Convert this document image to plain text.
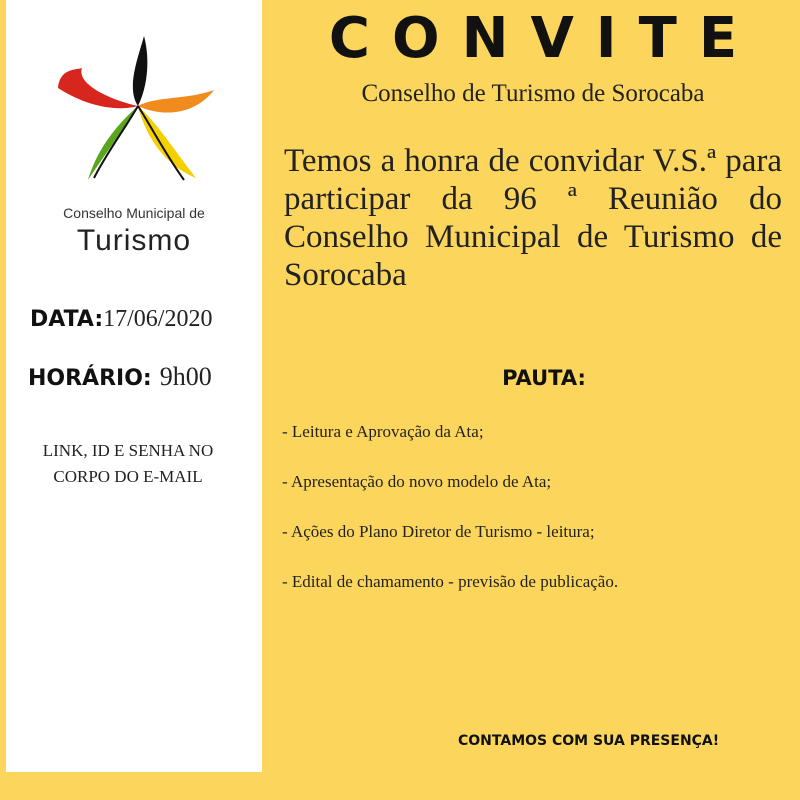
Conselho Municipal de
Turismo
DATA:17/06/2020
HORÁRIO: 9h00
LINK, ID E SENHA NO
CORPO DO E-MAIL
CONVITE
Conselho de Turismo de Sorocaba
Temos a honra de convidar V.S.ª para participar da 96 ª Reunião do Conselho Municipal de Turismo de Sorocaba
PAUTA:
- Leitura e Aprovação da Ata;
- Apresentação do novo modelo de Ata;
- Ações do Plano Diretor de Turismo - leitura;
- Edital de chamamento - previsão de publicação.
CONTAMOS COM SUA PRESENÇA!
